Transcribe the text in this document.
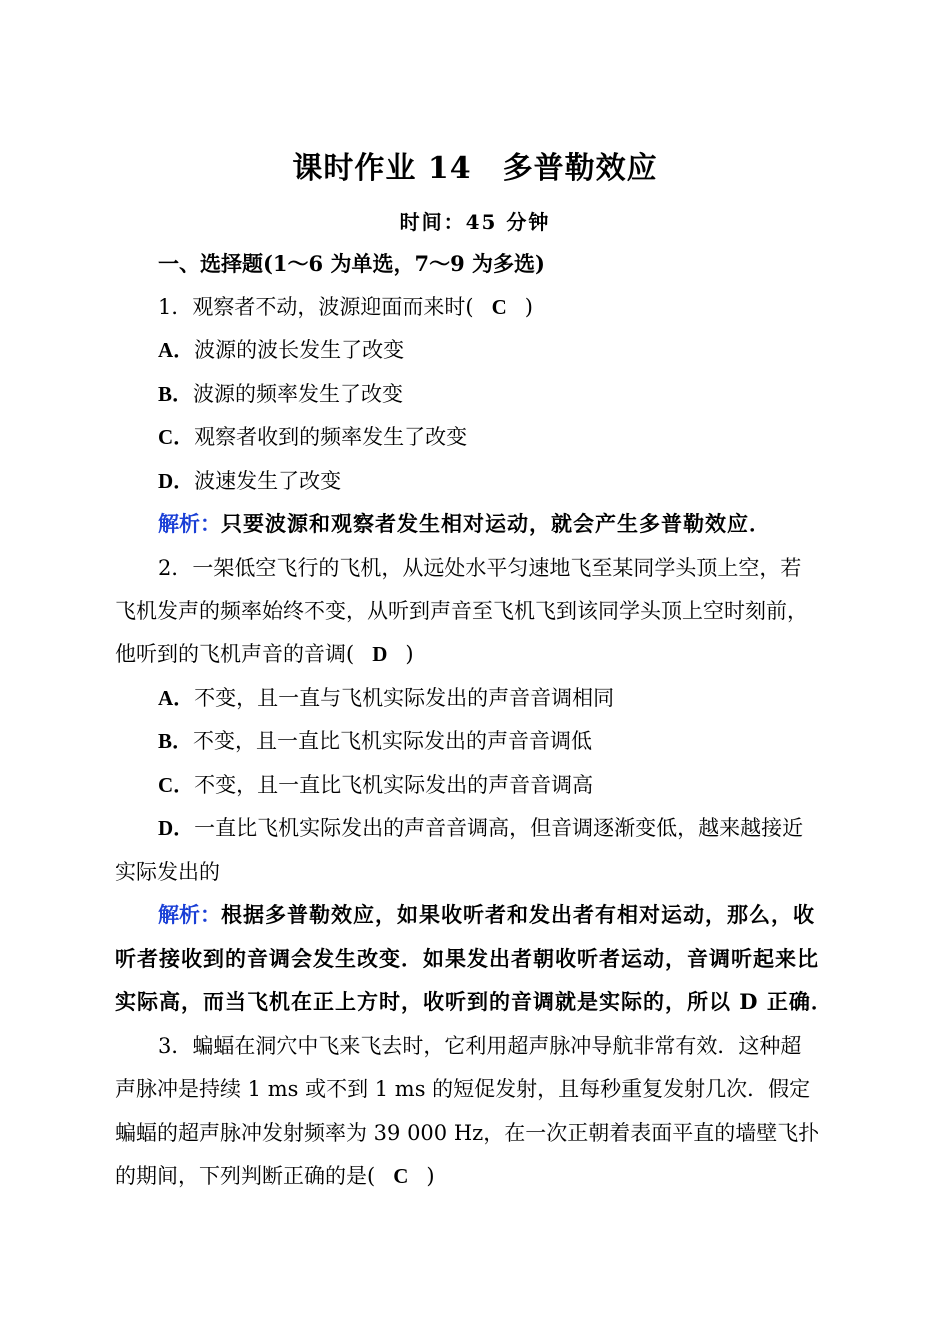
课时作业 14　多普勒效应
时间：45 分钟
一、选择题(1～6 为单选，7～9 为多选)
1．观察者不动，波源迎面而来时( C )
A．波源的波长发生了改变
B．波源的频率发生了改变
C．观察者收到的频率发生了改变
D．波速发生了改变
解析：只要波源和观察者发生相对运动，就会产生多普勒效应．
2．一架低空飞行的飞机，从远处水平匀速地飞至某同学头顶上空，若
飞机发声的频率始终不变，从听到声音至飞机飞到该同学头顶上空时刻前，
他听到的飞机声音的音调( D )
A．不变，且一直与飞机实际发出的声音音调相同
B．不变，且一直比飞机实际发出的声音音调低
C．不变，且一直比飞机实际发出的声音音调高
D．一直比飞机实际发出的声音音调高，但音调逐渐变低，越来越接近
实际发出的
解析：根据多普勒效应，如果收听者和发出者有相对运动，那么，收
听者接收到的音调会发生改变．如果发出者朝收听者运动，音调听起来比
实际高，而当飞机在正上方时，收听到的音调就是实际的，所以 D 正确．
3．蝙蝠在洞穴中飞来飞去时，它利用超声脉冲导航非常有效．这种超
声脉冲是持续 1 ms 或不到 1 ms 的短促发射，且每秒重复发射几次．假定
蝙蝠的超声脉冲发射频率为 39 000 Hz，在一次正朝着表面平直的墙壁飞扑
的期间，下列判断正确的是( C )
